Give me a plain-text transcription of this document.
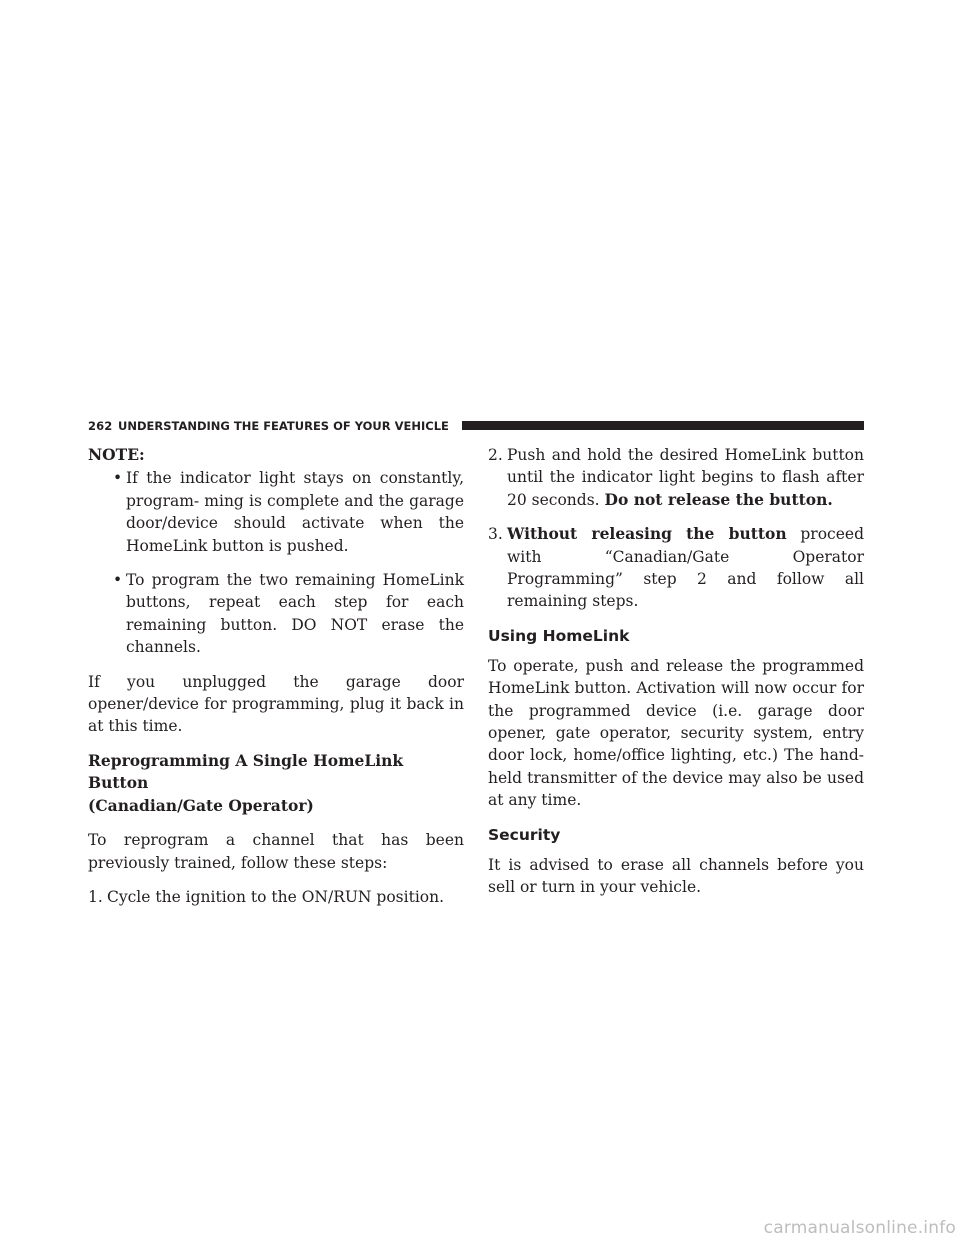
262 UNDERSTANDING THE FEATURES OF YOUR VEHICLE

NOTE:

• If the indicator light stays on constantly, program- ming is complete and the garage door/device should activate when the HomeLink button is pushed.
• To program the two remaining HomeLink buttons, repeat each step for each remaining button. DO NOT erase the channels.

If you unplugged the garage door opener/device for programming, plug it back in at this time.

Reprogramming A Single HomeLink Button
(Canadian/Gate Operator)

To reprogram a channel that has been previously trained, follow these steps:

1. Cycle the ignition to the ON/RUN position.
2. Push and hold the desired HomeLink button until the indicator light begins to flash after 20 seconds. Do not release the button.
3. Without releasing the button proceed with “Canadian/Gate Operator Programming” step 2 and follow all remaining steps.
Using HomeLink

To operate, push and release the programmed HomeLink button. Activation will now occur for the programmed device (i.e. garage door opener, gate operator, security system, entry door lock, home/office lighting, etc.) The hand-held transmitter of the device may also be used at any time.

Security

It is advised to erase all channels before you sell or turn in your vehicle.

carmanualsonline.info
